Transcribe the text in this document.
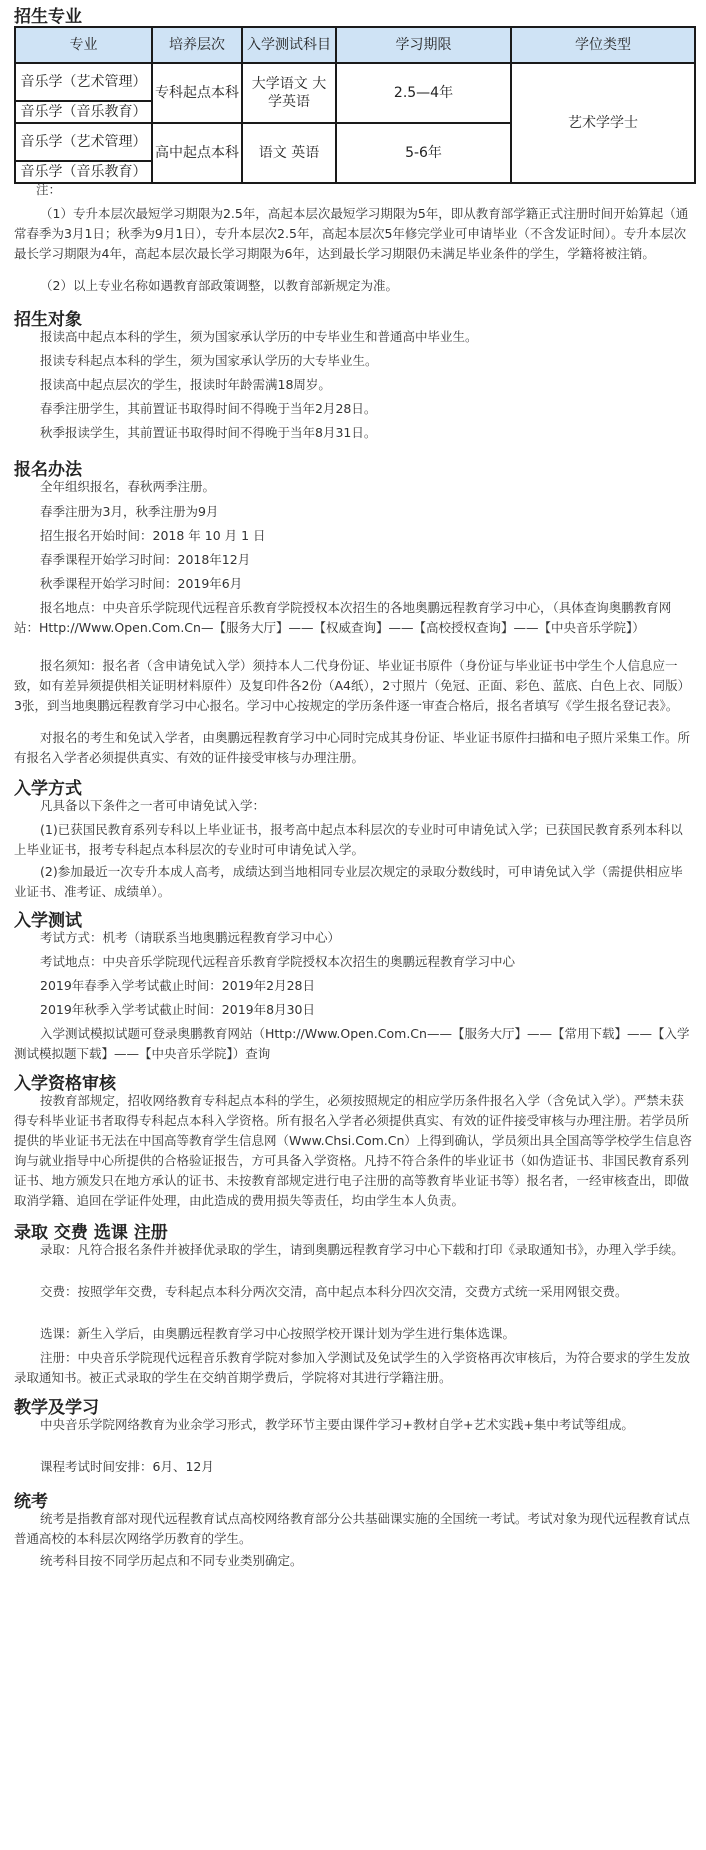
招生专业
专业	培养层次	入学测试科目	学习期限	学位类型
音乐学（艺术管理）	专科起点本科	大学语文 大学英语	2.5—4年	艺术学学士
音乐学（音乐教育）				
音乐学（艺术管理）	高中起点本科	语文 英语	5-6年	
音乐学（音乐教育）				

注：

（1）专升本层次最短学习期限为2.5年，高起本层次最短学习期限为5年，即从教育部学籍正式注册时间开始算起（通常春季为3月1日；秋季为9月1日），专升本层次2.5年，高起本层次5年修完学业可申请毕业（不含发证时间）。专升本层次最长学习期限为4年，高起本层次最长学习期限为6年，达到最长学习期限仍未满足毕业条件的学生，学籍将被注销。

（2）以上专业名称如遇教育部政策调整，以教育部新规定为准。

招生对象

报读高中起点本科的学生，须为国家承认学历的中专毕业生和普通高中毕业生。

报读专科起点本科的学生，须为国家承认学历的大专毕业生。

报读高中起点层次的学生，报读时年龄需满18周岁。

春季注册学生，其前置证书取得时间不得晚于当年2月28日。

秋季报读学生，其前置证书取得时间不得晚于当年8月31日。

报名办法

全年组织报名，春秋两季注册。

春季注册为3月，秋季注册为9月

招生报名开始时间：2018 年 10 月 1 日

春季课程开始学习时间：2018年12月

秋季课程开始学习时间：2019年6月

报名地点：中央音乐学院现代远程音乐教育学院授权本次招生的各地奥鹏远程教育学习中心，（具体查询奥鹏教育网站：Http://Www.Open.Com.Cn—【服务大厅】——【权威查询】——【高校授权查询】——【中央音乐学院】）

报名须知：报名者（含申请免试入学）须持本人二代身份证、毕业证书原件（身份证与毕业证书中学生个人信息应一致，如有差异须提供相关证明材料原件）及复印件各2份（A4纸），2寸照片（免冠、正面、彩色、蓝底、白色上衣、同版）3张，到当地奥鹏远程教育学习中心报名。学习中心按规定的学历条件逐一审查合格后，报名者填写《学生报名登记表》。

对报名的考生和免试入学者，由奥鹏远程教育学习中心同时完成其身份证、毕业证书原件扫描和电子照片采集工作。所有报名入学者必须提供真实、有效的证件接受审核与办理注册。

入学方式

凡具备以下条件之一者可申请免试入学：

(1)已获国民教育系列专科以上毕业证书，报考高中起点本科层次的专业时可申请免试入学；已获国民教育系列本科以上毕业证书，报考专科起点本科层次的专业时可申请免试入学。

(2)参加最近一次专升本成人高考，成绩达到当地相同专业层次规定的录取分数线时，可申请免试入学（需提供相应毕业证书、准考证、成绩单）。

入学测试

考试方式：机考（请联系当地奥鹏远程教育学习中心）

考试地点：中央音乐学院现代远程音乐教育学院授权本次招生的奥鹏远程教育学习中心

2019年春季入学考试截止时间：2019年2月28日

2019年秋季入学考试截止时间：2019年8月30日

入学测试模拟试题可登录奥鹏教育网站（Http://Www.Open.Com.Cn——【服务大厅】——【常用下载】——【入学测试模拟题下载】——【中央音乐学院】）查询

入学资格审核

按教育部规定，招收网络教育专科起点本科的学生，必须按照规定的相应学历条件报名入学（含免试入学）。严禁未获得专科毕业证书者取得专科起点本科入学资格。所有报名入学者必须提供真实、有效的证件接受审核与办理注册。若学员所提供的毕业证书无法在中国高等教育学生信息网（Www.Chsi.Com.Cn）上得到确认，学员须出具全国高等学校学生信息咨询与就业指导中心所提供的合格验证报告，方可具备入学资格。凡持不符合条件的毕业证书（如伪造证书、非国民教育系列证书、地方颁发只在地方承认的证书、未按教育部规定进行电子注册的高等教育毕业证书等）报名者，一经审核查出，即做取消学籍、追回在学证件处理，由此造成的费用损失等责任，均由学生本人负责。

录取 交费 选课 注册

录取：凡符合报名条件并被择优录取的学生，请到奥鹏远程教育学习中心下载和打印《录取通知书》，办理入学手续。

交费：按照学年交费，专科起点本科分两次交清，高中起点本科分四次交清，交费方式统一采用网银交费。

选课：新生入学后，由奥鹏远程教育学习中心按照学校开课计划为学生进行集体选课。

注册：中央音乐学院现代远程音乐教育学院对参加入学测试及免试学生的入学资格再次审核后，为符合要求的学生发放录取通知书。被正式录取的学生在交纳首期学费后，学院将对其进行学籍注册。

教学及学习

中央音乐学院网络教育为业余学习形式，教学环节主要由课件学习+教材自学+艺术实践+集中考试等组成。

课程考试时间安排：6月、12月

统考

统考是指教育部对现代远程教育试点高校网络教育部分公共基础课实施的全国统一考试。考试对象为现代远程教育试点普通高校的本科层次网络学历教育的学生。

统考科目按不同学历起点和不同专业类别确定。
